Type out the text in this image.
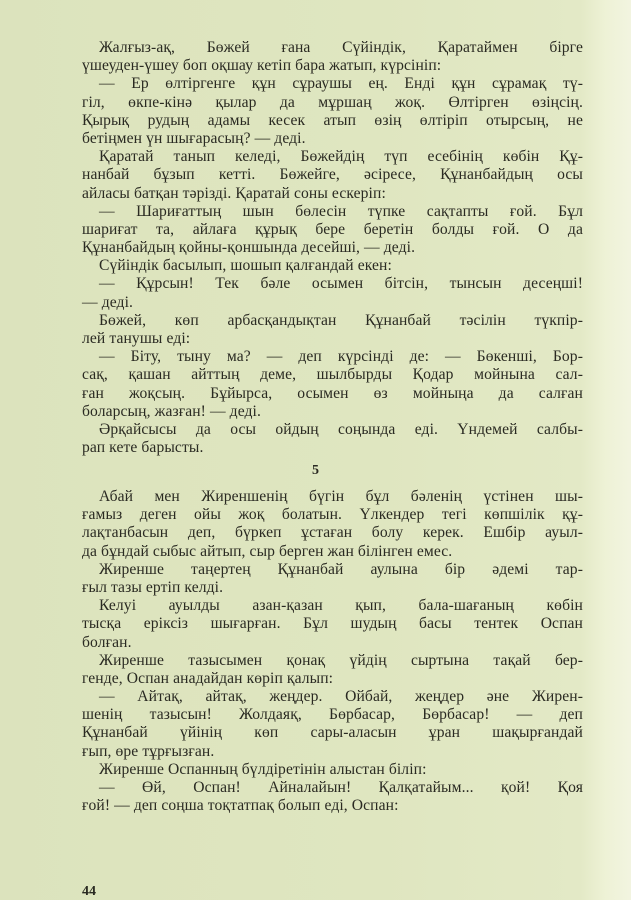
Жалғыз-ақ, Бөжей ғана Сүйіндік, Қаратаймен бірге
үшеуден-үшеу боп оқшау кетіп бара жатып, күрсініп:
— Ер өлтіргенге құн сұраушы ең. Енді құн сұрамақ тү-
гіл, өкпе-кінә қылар да мұршаң жоқ. Өлтірген өзіңсің.
Қырық рудың адамы кесек атып өзің өлтіріп отырсың, не
бетіңмен үн шығарасың? — деді.
Қаратай танып келеді, Бөжейдің түп есебінің көбін Құ-
нанбай бұзып кетті. Бөжейге, әсіресе, Құнанбайдың осы
айласы батқан тәрізді. Қаратай соны ескеріп:
— Шариғаттың шын бөлесін түпке сақтапты ғой. Бұл
шариғат та, айлаға құрық бере беретін болды ғой. О да
Құнанбайдың қойны-қоншында десейші, — деді.
Сүйіндік басылып, шошып қалғандай екен:
— Құрсын! Тек бәле осымен бітсін, тынсын десеңші!
— деді.
Бөжей, көп арбасқандықтан Құнанбай тәсілін түкпір-
лей танушы еді:
— Біту, тыну ма? — деп күрсінді де: — Бөкенші, Бор-
сақ, қашан айттың деме, шылбырды Қодар мойнына сал-
ған жоқсың. Бұйырса, осымен өз мойныңа да салған
боларсың, жазған! — деді.
Әрқайсысы да осы ойдың соңында еді. Үндемей салбы-
рап кете барысты.
5
Абай мен Жиреншенің бүгін бұл бәленің үстінен шы-
ғамыз деген ойы жоқ болатын. Үлкендер тегі көпшілік құ-
лақтанбасын деп, бүркеп ұстаған болу керек. Ешбір ауыл-
да бұндай сыбыс айтып, сыр берген жан білінген емес.
Жиренше таңертең Құнанбай аулына бір әдемі тар-
ғыл тазы ертіп келді.
Келуі ауылды азан-қазан қып, бала-шағаның көбін
тысқа еріксіз шығарған. Бұл шудың басы тентек Оспан
болған.
Жиренше тазысымен қонақ үйдің сыртына тақай бер-
генде, Оспан анадайдан көріп қалып:
— Айтақ, айтақ, жеңдер. Ойбай, жеңдер әне Жирен-
шенің тазысын! Жолдаяқ, Бөрбасар, Бөрбасар! — деп
Құнанбай үйінің көп сары-аласын ұран шақырғандай
ғып, өре тұрғызған.
Жиренше Оспанның бүлдіретінін алыстан біліп:
— Өй, Оспан! Айналайын! Қалқатайым... қой! Қоя
ғой! — деп соңша тоқтатпақ болып еді, Оспан:
44
